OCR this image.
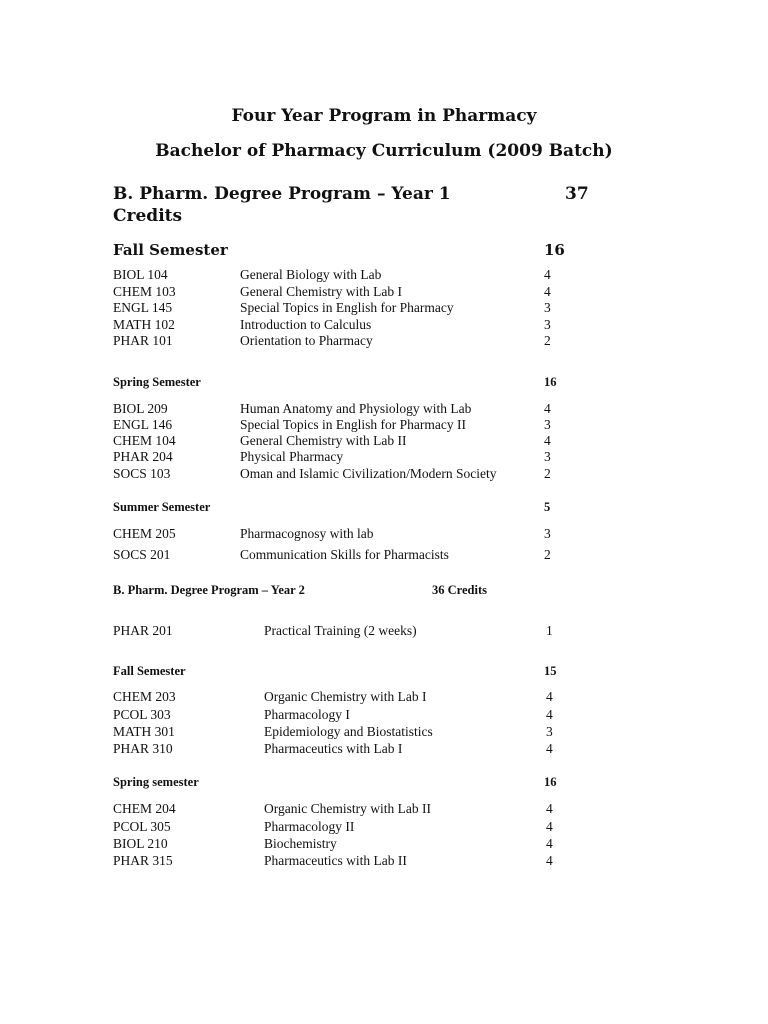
Four Year Program in Pharmacy
Bachelor of Pharmacy Curriculum (2009 Batch)
B. Pharm. Degree Program – Year 1	37
Credits
Fall Semester	16
BIOL 104	General Biology with Lab	4
CHEM 103	General Chemistry with Lab I	4
ENGL 145	Special Topics in English for Pharmacy	3
MATH 102	Introduction to Calculus	3
PHAR 101	Orientation to Pharmacy	2
Spring Semester	16
BIOL 209	Human Anatomy and Physiology with Lab	4
ENGL 146	Special Topics in English for Pharmacy II	3
CHEM 104	General Chemistry with Lab II	4
PHAR 204	Physical Pharmacy	3
SOCS 103	Oman and Islamic Civilization/Modern Society	2
Summer Semester	5
CHEM 205	Pharmacognosy with lab	3
SOCS 201	Communication Skills for Pharmacists	2
B. Pharm. Degree Program – Year 2	36 Credits
PHAR 201	Practical Training (2 weeks)	1
Fall Semester	15
CHEM 203	Organic Chemistry with Lab I	4
PCOL 303	Pharmacology I	4
MATH 301	Epidemiology and Biostatistics	3
PHAR 310	Pharmaceutics with Lab I	4
Spring semester	16
CHEM 204	Organic Chemistry with Lab II	4
PCOL 305	Pharmacology II	4
BIOL 210	Biochemistry	4
PHAR 315	Pharmaceutics with Lab II	4
